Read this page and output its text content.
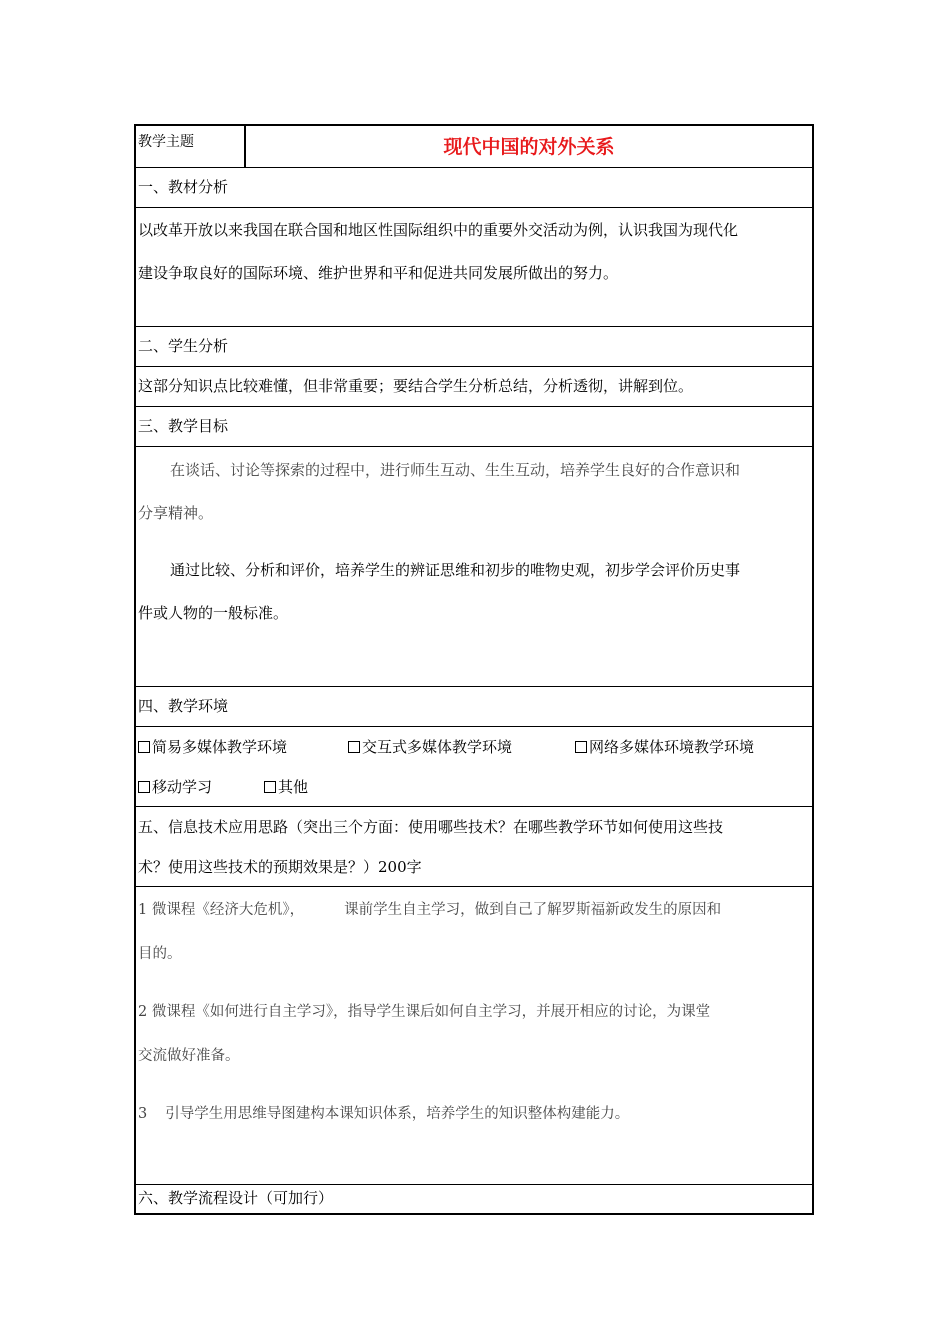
教学主题	现代中国的对外关系
一、教材分析
以改革开放以来我国在联合国和地区性国际组织中的重要外交活动为例，认识我国为现代化
建设争取良好的国际环境、维护世界和平和促进共同发展所做出的努力。
二、学生分析
这部分知识点比较难懂，但非常重要；要结合学生分析总结，分析透彻，讲解到位。
三、教学目标
在谈话、讨论等探索的过程中，进行师生互动、生生互动，培养学生良好的合作意识和
分享精神。
通过比较、分析和评价，培养学生的辨证思维和初步的唯物史观，初步学会评价历史事
件或人物的一般标准。
四、教学环境
简易多媒体教学环境	交互式多媒体教学环境	网络多媒体环境教学环境
移动学习	其他
五、信息技术应用思路（突出三个方面：使用哪些技术？在哪些教学环节如何使用这些技
术？使用这些技术的预期效果是？）200字
1 微课程《经济大危机》，	课前学生自主学习，做到自己了解罗斯福新政发生的原因和
目的。
2 微课程《如何进行自主学习》，指导学生课后如何自主学习，并展开相应的讨论，为课堂
交流做好准备。
3 引导学生用思维导图建构本课知识体系，培养学生的知识整体构建能力。
六、教学流程设计（可加行）
